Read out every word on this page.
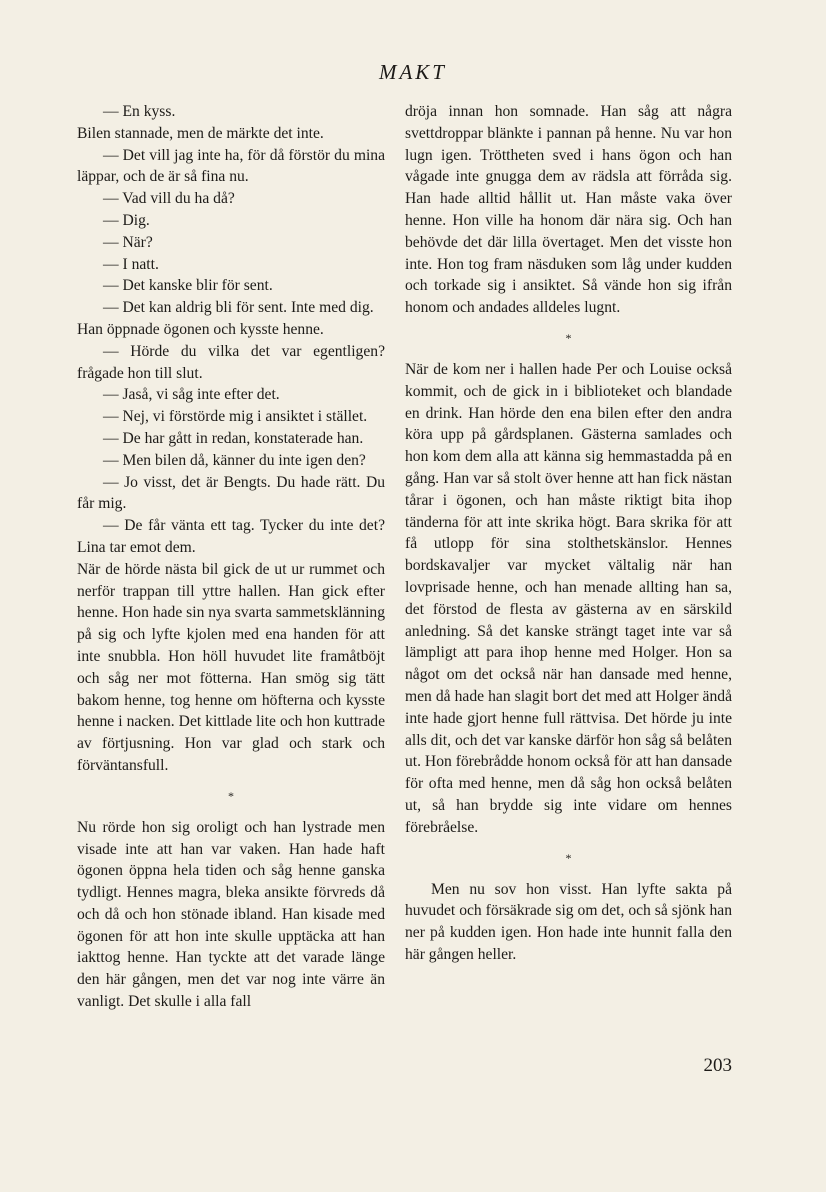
MAKT

— En kyss.

Bilen stannade, men de märkte det inte.

— Det vill jag inte ha, för då förstör du mina läppar, och de är så fina nu.

— Vad vill du ha då?

— Dig.

— När?

— I natt.

— Det kanske blir för sent.

— Det kan aldrig bli för sent. Inte med dig.

Han öppnade ögonen och kysste henne.

— Hörde du vilka det var egentligen? frågade hon till slut.

— Jaså, vi såg inte efter det.

— Nej, vi förstörde mig i ansiktet i stället.

— De har gått in redan, konstaterade han.

— Men bilen då, känner du inte igen den?

— Jo visst, det är Bengts. Du hade rätt. Du får mig.

— De får vänta ett tag. Tycker du inte det? Lina tar emot dem.

När de hörde nästa bil gick de ut ur rummet och nerför trappan till yttre hallen. Han gick efter henne. Hon hade sin nya svarta sammetsklänning på sig och lyfte kjolen med ena handen för att inte snubbla. Hon höll huvudet lite framåtböjt och såg ner mot fötterna. Han smög sig tätt bakom henne, tog henne om höfterna och kysste henne i nacken. Det kittlade lite och hon kuttrade av förtjusning. Hon var glad och stark och förväntansfull.

*

Nu rörde hon sig oroligt och han lystrade men visade inte att han var vaken. Han hade haft ögonen öppna hela tiden och såg henne ganska tydligt. Hennes magra, bleka ansikte förvreds då och då och hon stönade ibland. Han kisade med ögonen för att hon inte skulle upptäcka att han iakttog henne. Han tyckte att det varade länge den här gången, men det var nog inte värre än vanligt. Det skulle i alla fall

dröja innan hon somnade. Han såg att några svettdroppar blänkte i pannan på henne. Nu var hon lugn igen. Tröttheten sved i hans ögon och han vågade inte gnugga dem av rädsla att förråda sig. Han hade alltid hållit ut. Han måste vaka över henne. Hon ville ha honom där nära sig. Och han behövde det där lilla övertaget. Men det visste hon inte. Hon tog fram näsduken som låg under kudden och torkade sig i ansiktet. Så vände hon sig ifrån honom och andades alldeles lugnt.

*

När de kom ner i hallen hade Per och Louise också kommit, och de gick in i biblioteket och blandade en drink. Han hörde den ena bilen efter den andra köra upp på gårdsplanen. Gästerna samlades och hon kom dem alla att känna sig hemmastadda på en gång. Han var så stolt över henne att han fick nästan tårar i ögonen, och han måste riktigt bita ihop tänderna för att inte skrika högt. Bara skrika för att få utlopp för sina stolthetskänslor. Hennes bordskavaljer var mycket vältalig när han lovprisade henne, och han menade allting han sa, det förstod de flesta av gästerna av en särskild anledning. Så det kanske strängt taget inte var så lämpligt att para ihop henne med Holger. Hon sa något om det också när han dansade med henne, men då hade han slagit bort det med att Holger ändå inte hade gjort henne full rättvisa. Det hörde ju inte alls dit, och det var kanske därför hon såg så belåten ut. Hon förebrådde honom också för att han dansade för ofta med henne, men då såg hon också belåten ut, så han brydde sig inte vidare om hennes förebråelse.

*

Men nu sov hon visst. Han lyfte sakta på huvudet och försäkrade sig om det, och så sjönk han ner på kudden igen. Hon hade inte hunnit falla den här gången heller.

203
